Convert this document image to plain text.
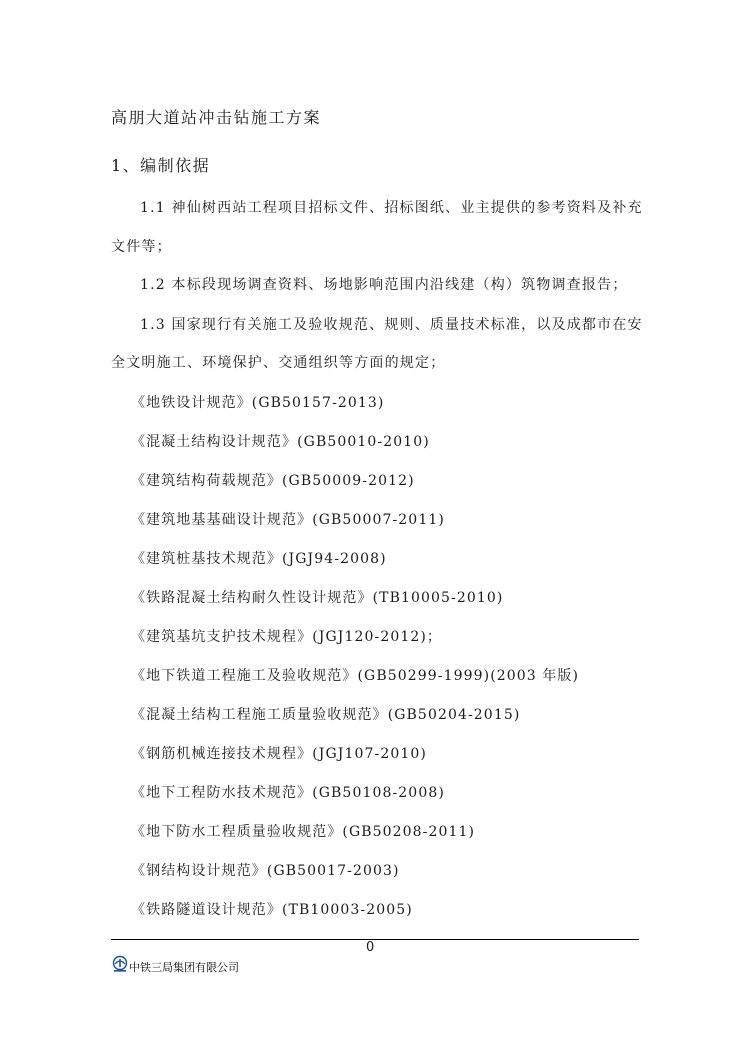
高朋大道站冲击钻施工方案
1、编制依据
1.1 神仙树西站工程项目招标文件、招标图纸、业主提供的参考资料及补充
文件等；
1.2 本标段现场调查资料、场地影响范围内沿线建（构）筑物调查报告；
1.3 国家现行有关施工及验收规范、规则、质量技术标准，以及成都市在安
全文明施工、环境保护、交通组织等方面的规定；
《地铁设计规范》(GB50157-2013)
《混凝土结构设计规范》(GB50010-2010)
《建筑结构荷载规范》(GB50009-2012)
《建筑地基基础设计规范》(GB50007-2011)
《建筑桩基技术规范》(JGJ94-2008)
《铁路混凝土结构耐久性设计规范》(TB10005-2010)
《建筑基坑支护技术规程》(JGJ120-2012)；
《地下铁道工程施工及验收规范》(GB50299-1999)(2003 年版)
《混凝土结构工程施工质量验收规范》(GB50204-2015)
《钢筋机械连接技术规程》(JGJ107-2010)
《地下工程防水技术规范》(GB50108-2008)
《地下防水工程质量验收规范》(GB50208-2011)
《钢结构设计规范》(GB50017-2003)
《铁路隧道设计规范》(TB10003-2005)
0
中铁三局集团有限公司
